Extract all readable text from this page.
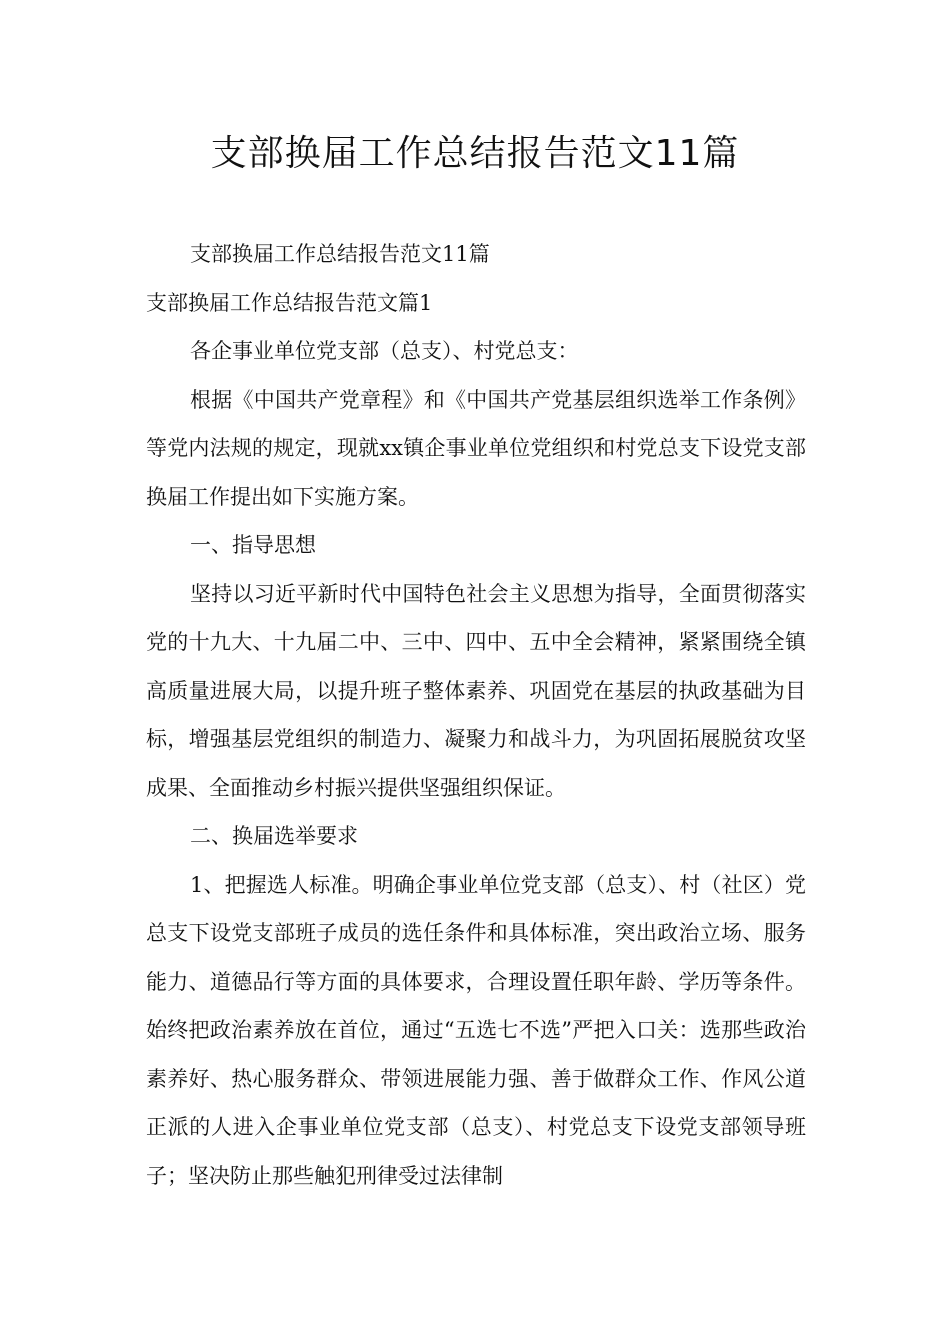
支部换届工作总结报告范文11篇

支部换届工作总结报告范文11篇

支部换届工作总结报告范文篇1

各企事业单位党支部（总支）、村党总支：

根据《中国共产党章程》和《中国共产党基层组织选举工作条例》等党内法规的规定，现就xx镇企事业单位党组织和村党总支下设党支部换届工作提出如下实施方案。

一、指导思想

坚持以习近平新时代中国特色社会主义思想为指导，全面贯彻落实党的十九大、十九届二中、三中、四中、五中全会精神，紧紧围绕全镇高质量进展大局，以提升班子整体素养、巩固党在基层的执政基础为目标，增强基层党组织的制造力、凝聚力和战斗力，为巩固拓展脱贫攻坚成果、全面推动乡村振兴提供坚强组织保证。

二、换届选举要求

1、把握选人标准。明确企事业单位党支部（总支）、村（社区）党总支下设党支部班子成员的选任条件和具体标准，突出政治立场、服务能力、道德品行等方面的具体要求，合理设置任职年龄、学历等条件。始终把政治素养放在首位，通过“五选七不选”严把入口关：选那些政治素养好、热心服务群众、带领进展能力强、善于做群众工作、作风公道正派的人进入企事业单位党支部（总支）、村党总支下设党支部领导班子；坚决防止那些触犯刑律受过法律制
